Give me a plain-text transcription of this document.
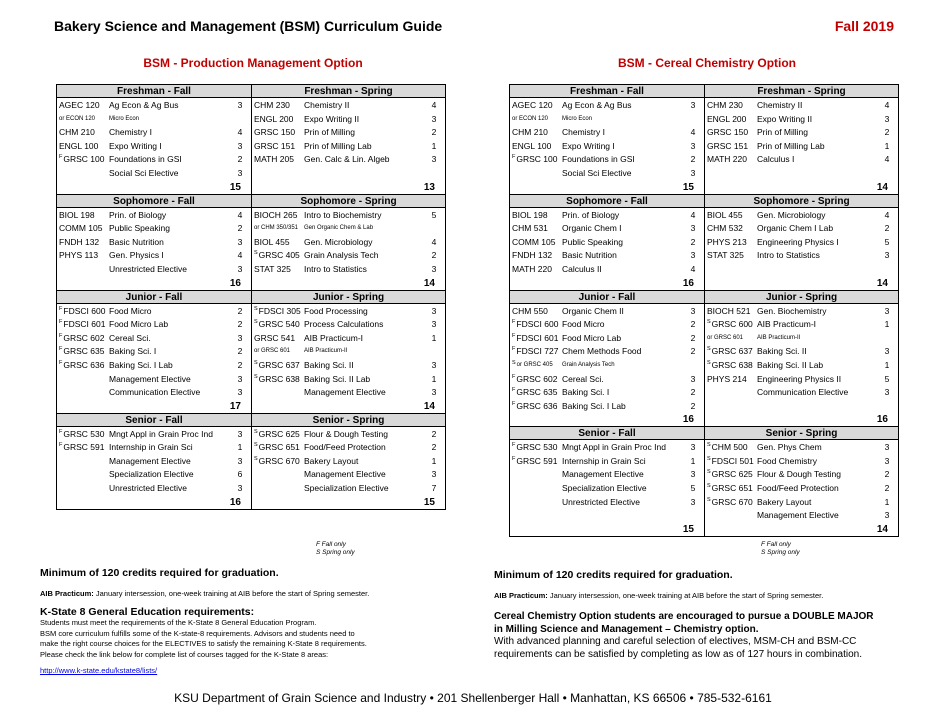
Bakery Science and Management (BSM) Curriculum Guide	Fall 2019
BSM - Production Management Option	BSM - Cereal Chemistry Option
Freshman - Fall
AGEC 120	Ag Econ & Ag Bus	3
or ECON 120	Micro Econ
CHM 210	Chemistry I	4
ENGL 100	Expo Writing I	3
$^F$GRSC 100 Foundations in GSI	2
Social Sci Elective	3
15
Freshman - Spring
CHM 230	Chemistry II	4
ENGL 200	Expo Writing II	3
GRSC 150	Prin of Milling	2
GRSC 151	Prin of Milling Lab	1
MATH 205	Gen. Calc & Lin. Algeb	3
13
Sophomore - Fall
BIOL 198	Prin. of Biology	4
COMM 105 Public Speaking	2
FNDH 132	Basic Nutrition	3
PHYS 113	Gen. Physics I	4
Unrestricted Elective	3
16
Sophomore - Spring
BIOCH 265 Intro to Biochemistry	5
or CHM 350/351 Gen Organic Chem & Lab
BIOL 455	Gen. Microbiology	4
$^S$GRSC 405 Grain Analysis Tech	2
STAT 325	Intro to Statistics	3
14
Junior - Fall
$^F$FDSCI 600 Food Micro	2
$^F$FDSCI 601 Food Micro Lab	2
$^F$GRSC 602 Cereal Sci.	3
$^F$GRSC 635 Baking Sci. I	2
$^F$GRSC 636 Baking Sci. I Lab	2
Management Elective	3
Communication Elective	3
17
Junior - Spring
$^S$FDSCI 305 Food Processing	3
$^S$GRSC 540 Process Calculations	3
GRSC 541	AIB Practicum-I	1
or GRSC 601	AIB Practicum-II
$^S$GRSC 637 Baking Sci. II	3
$^S$GRSC 638 Baking Sci. II Lab	1
Management Elective	3
14
Senior - Fall
$^F$GRSC 530 Mngt Appl in Grain Proc Ind	3
$^F$GRSC 591 Internship in Grain Sci	1
Management Elective	3
Specialization Elective	6
Unrestricted Elective	3
16
Senior - Spring
$^S$GRSC 625 Flour & Dough Testing	2
$^S$GRSC 651 Food/Feed Protection	2
$^S$GRSC 670 Bakery Layout	1
Management Elective	3
Specialization Elective	7
15
Freshman - Fall
AGEC 120	Ag Econ & Ag Bus	3
or ECON 120	Micro Econ
CHM 210	Chemistry I	4
ENGL 100	Expo Writing I	3
$^F$GRSC 100 Foundations in GSI	2
Social Sci Elective	3
15
Freshman - Spring
CHM 230	Chemistry II	4
ENGL 200	Expo Writing II	3
GRSC 150	Prin of Milling	2
GRSC 151	Prin of Milling Lab	1
MATH 220	Calculus I	4
14
Sophomore - Fall
BIOL 198	Prin. of Biology	4
CHM 531	Organic Chem I	3
COMM 105 Public Speaking	2
FNDH 132	Basic Nutrition	3
MATH 220	Calculus II	4
16
Sophomore - Spring
BIOL 455	Gen. Microbiology	4
CHM 532	Organic Chem I Lab	2
PHYS 213	Engineering Physics I	5
STAT 325	Intro to Statistics	3
14
Junior - Fall
CHM 550	Organic Chem II	3
$^F$FDSCI 600 Food Micro	2
$^F$FDSCI 601 Food Micro Lab	2
$^F$FDSCI 727 Chem Methods Food	2
$^S$or GRSC 405	Grain Analysis Tech
$^F$GRSC 602 Cereal Sci.	3
$^F$GRSC 635 Baking Sci. I	2
$^F$GRSC 636 Baking Sci. I Lab	2
16
Junior - Spring
BIOCH 521 Gen. Biochemistry	3
$^S$GRSC 600 AIB Practicum-I	1
or GRSC 601	AIB Practicum-II
$^S$GRSC 637 Baking Sci. II	3
$^S$GRSC 638 Baking Sci. II Lab	1
PHYS 214	Engineering Physics II	5
Communication Elective	3
16
Senior - Fall
$^F$GRSC 530 Mngt Appl in Grain Proc Ind	3
$^F$GRSC 591 Internship in Grain Sci	1
Management Elective	3
Specialization Elective	5
Unrestricted Elective	3
15
Senior - Spring
$^S$CHM 500	Gen. Phys Chem	3
$^S$FDSCI 501 Food Chemistry	3
$^S$GRSC 625 Flour & Dough Testing	2
$^S$GRSC 651 Food/Feed Protection	2
$^S$GRSC 670 Bakery Layout	1
Management Elective	3
14
F Fall only
S Spring only
F Fall only
S Spring only
Minimum of 120 credits required for graduation.
AIB Practicum: January intersession, one-week training at AIB before the start of Spring semester.
K-State 8 General Education requirements:
Students must meet the requirements of the K-State 8 General Education Program.
BSM core curriculum fulfills some of the K-state-8 requirements. Advisors and students need to
make the right course choices for the ELECTIVES to satisfy the remaining K-State 8 requirements.
Please check the link below for complete list of courses tagged for the K-State 8 areas:
http://www.k-state.edu/kstate8/lists/
Minimum of 120 credits required for graduation.
AIB Practicum: January intersession, one-week training at AIB before the start of Spring semester.
Cereal Chemistry Option students are encouraged to pursue a DOUBLE MAJOR
in Milling Science and Management – Chemistry option.
With advanced planning and careful selection of electives, MSM-CH and BSM-CC
requirements can be satisfied by completing as low as of 127 hours in combination.
KSU Department of Grain Science and Industry • 201 Shellenberger Hall • Manhattan, KS 66506 • 785-532-6161
